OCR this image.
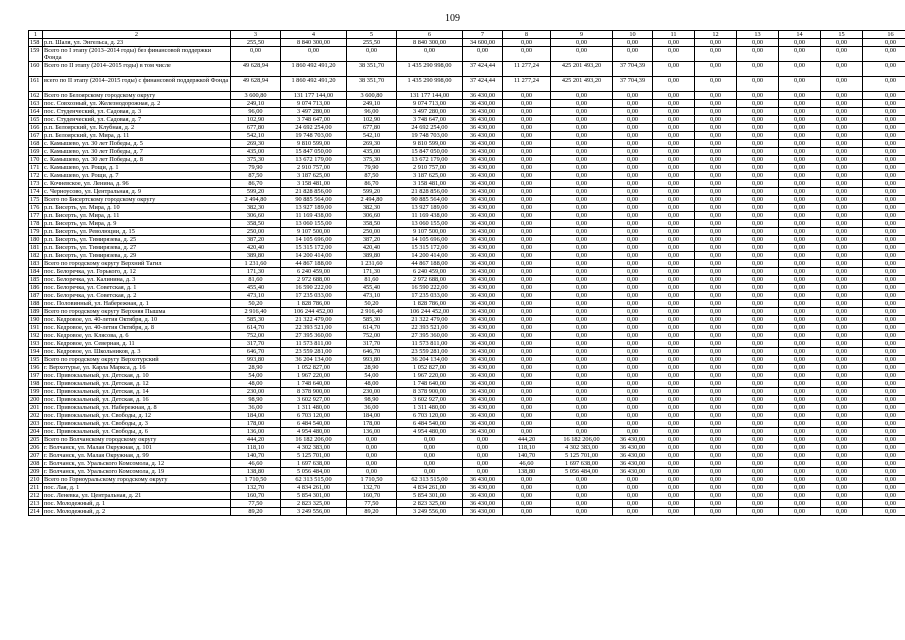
109
1	2	3	4	5	6	7	8	9	10	11	12	13	14	15	16
158	р.п. Шаля, ул. Энгельса, д. 23	255,50	8 840 300,00	255,50	8 840 300,00	34 600,00	0,00	0,00	0,00	0,00	0,00	0,00	0,00	0,00	0,00
159	Всего по I этапу (2013–2014 годы) без финансовой поддержки Фонда	0,00	0,00	0,00	0,00	0,00	0,00	0,00	0,00	0,00	0,00	0,00	0,00	0,00	0,00
160	Всего по II этапу (2014–2015 годы) в том числе	49 628,94	1 860 492 491,20	38 351,70	1 435 290 998,00	37 424,44	11 277,24	425 201 493,20	37 704,39	0,00	0,00	0,00	0,00	0,00	0,00
161	всего по II этапу (2014–2015 годы) с финансовой поддержкой Фонда	49 628,94	1 860 492 491,20	38 351,70	1 435 290 998,00	37 424,44	11 277,24	425 201 493,20	37 704,39	0,00	0,00	0,00	0,00	0,00	0,00
162	Всего по Белоярскому городскому округу	3 600,80	131 177 144,00	3 600,80	131 177 144,00	36 430,00	0,00	0,00	0,00	0,00	0,00	0,00	0,00	0,00	0,00
163	пос. Совхозный, ул. Железнодорожная, д. 2	249,10	9 074 713,00	249,10	9 074 713,00	36 430,00	0,00	0,00	0,00	0,00	0,00	0,00	0,00	0,00	0,00
164	пос. Студенческий, ул. Садовая, д. 3	96,00	3 497 280,00	96,00	3 497 280,00	36 430,00	0,00	0,00	0,00	0,00	0,00	0,00	0,00	0,00	0,00
165	пос. Студенческий, ул. Садовая, д. 7	102,90	3 748 647,00	102,90	3 748 647,00	36 430,00	0,00	0,00	0,00	0,00	0,00	0,00	0,00	0,00	0,00
166	р.п. Белоярский, ул. Клубная, д. 2	677,80	24 692 254,00	677,80	24 692 254,00	36 430,00	0,00	0,00	0,00	0,00	0,00	0,00	0,00	0,00	0,00
167	р.п. Белоярский, ул. Мира, д. 11	542,10	19 748 703,00	542,10	19 748 703,00	36 430,00	0,00	0,00	0,00	0,00	0,00	0,00	0,00	0,00	0,00
168	с. Камышево, ул. 30 лет Победы, д. 5	269,30	9 810 599,00	269,30	9 810 599,00	36 430,00	0,00	0,00	0,00	0,00	0,00	0,00	0,00	0,00	0,00
169	с. Камышево, ул. 30 лет Победы, д. 7	435,00	15 847 050,00	435,00	15 847 050,00	36 430,00	0,00	0,00	0,00	0,00	0,00	0,00	0,00	0,00	0,00
170	с. Камышево, ул. 30 лет Победы, д. 8	375,30	13 672 179,00	375,30	13 672 179,00	36 430,00	0,00	0,00	0,00	0,00	0,00	0,00	0,00	0,00	0,00
171	с. Камышево, ул. Рощи, д. 1	79,90	2 910 757,00	79,90	2 910 757,00	36 430,00	0,00	0,00	0,00	0,00	0,00	0,00	0,00	0,00	0,00
172	с. Камышево, ул. Рощи, д. 7	87,50	3 187 625,00	87,50	3 187 625,00	36 430,00	0,00	0,00	0,00	0,00	0,00	0,00	0,00	0,00	0,00
173	с. Кочневское, ул. Ленина, д. 96	86,70	3 158 481,00	86,70	3 158 481,00	36 430,00	0,00	0,00	0,00	0,00	0,00	0,00	0,00	0,00	0,00
174	с. Черноусово, ул. Центральная, д. 9	599,20	21 828 856,00	599,20	21 828 856,00	36 430,00	0,00	0,00	0,00	0,00	0,00	0,00	0,00	0,00	0,00
175	Всего по Бисертскому городскому округу	2 494,80	90 885 564,00	2 494,80	90 885 564,00	36 430,00	0,00	0,00	0,00	0,00	0,00	0,00	0,00	0,00	0,00
176	р.п. Бисерть, ул. Мира, д. 10	382,30	13 927 189,00	382,30	13 927 189,00	36 430,00	0,00	0,00	0,00	0,00	0,00	0,00	0,00	0,00	0,00
177	р.п. Бисерть, ул. Мира, д. 11	306,60	11 169 438,00	306,60	11 169 438,00	36 430,00	0,00	0,00	0,00	0,00	0,00	0,00	0,00	0,00	0,00
178	р.п. Бисерть, ул. Мира, д. 9	358,50	13 060 155,00	358,50	13 060 155,00	36 430,00	0,00	0,00	0,00	0,00	0,00	0,00	0,00	0,00	0,00
179	р.п. Бисерть, ул. Революции, д. 15	250,00	9 107 500,00	250,00	9 107 500,00	36 430,00	0,00	0,00	0,00	0,00	0,00	0,00	0,00	0,00	0,00
180	р.п. Бисерть, ул. Тимирязева, д. 25	387,20	14 105 696,00	387,20	14 105 696,00	36 430,00	0,00	0,00	0,00	0,00	0,00	0,00	0,00	0,00	0,00
181	р.п. Бисерть, ул. Тимирязева, д. 27	420,40	15 315 172,00	420,40	15 315 172,00	36 430,00	0,00	0,00	0,00	0,00	0,00	0,00	0,00	0,00	0,00
182	р.п. Бисерть, ул. Тимирязева, д. 29	389,80	14 200 414,00	389,80	14 200 414,00	36 430,00	0,00	0,00	0,00	0,00	0,00	0,00	0,00	0,00	0,00
183	Всего по городскому округу Верхний Тагил	1 231,60	44 867 188,00	1 231,60	44 867 188,00	36 430,00	0,00	0,00	0,00	0,00	0,00	0,00	0,00	0,00	0,00
184	пос. Белоречка, ул. Горького, д. 12	171,30	6 240 459,00	171,30	6 240 459,00	36 430,00	0,00	0,00	0,00	0,00	0,00	0,00	0,00	0,00	0,00
185	пос. Белоречка, ул. Калинина, д. 3	81,60	2 972 688,00	81,60	2 972 688,00	36 430,00	0,00	0,00	0,00	0,00	0,00	0,00	0,00	0,00	0,00
186	пос. Белоречка, ул. Советская, д. 1	455,40	16 590 222,00	455,40	16 590 222,00	36 430,00	0,00	0,00	0,00	0,00	0,00	0,00	0,00	0,00	0,00
187	пос. Белоречка, ул. Советская, д. 2	473,10	17 235 033,00	473,10	17 235 033,00	36 430,00	0,00	0,00	0,00	0,00	0,00	0,00	0,00	0,00	0,00
188	пос. Половинный, ул. Набережная, д. 1	50,20	1 828 786,00	50,20	1 828 786,00	36 430,00	0,00	0,00	0,00	0,00	0,00	0,00	0,00	0,00	0,00
189	Всего по городскому округу Верхняя Пышма	2 916,40	106 244 452,00	2 916,40	106 244 452,00	36 430,00	0,00	0,00	0,00	0,00	0,00	0,00	0,00	0,00	0,00
190	пос. Кедровое, ул. 40-летия Октября, д. 10	585,30	21 322 479,00	585,30	21 322 479,00	36 430,00	0,00	0,00	0,00	0,00	0,00	0,00	0,00	0,00	0,00
191	пос. Кедровое, ул. 40-летия Октября, д. 8	614,70	22 393 521,00	614,70	22 393 521,00	36 430,00	0,00	0,00	0,00	0,00	0,00	0,00	0,00	0,00	0,00
192	пос. Кедровое, ул. Клясова, д. 6	752,00	27 395 360,00	752,00	27 395 360,00	36 430,00	0,00	0,00	0,00	0,00	0,00	0,00	0,00	0,00	0,00
193	пос. Кедровое, ул. Северная, д. 11	317,70	11 573 811,00	317,70	11 573 811,00	36 430,00	0,00	0,00	0,00	0,00	0,00	0,00	0,00	0,00	0,00
194	пос. Кедровое, ул. Школьников, д. 3	646,70	23 559 281,00	646,70	23 559 281,00	36 430,00	0,00	0,00	0,00	0,00	0,00	0,00	0,00	0,00	0,00
195	Всего по городскому округу Верхотурский	993,80	36 204 134,00	993,80	36 204 134,00	36 430,00	0,00	0,00	0,00	0,00	0,00	0,00	0,00	0,00	0,00
196	г. Верхотурье, ул. Карла Маркса, д. 16	28,90	1 052 827,00	28,90	1 052 827,00	36 430,00	0,00	0,00	0,00	0,00	0,00	0,00	0,00	0,00	0,00
197	пос. Привокзальный, ул. Детская, д. 10	54,00	1 967 220,00	54,00	1 967 220,00	36 430,00	0,00	0,00	0,00	0,00	0,00	0,00	0,00	0,00	0,00
198	пос. Привокзальный, ул. Детская, д. 12	48,00	1 748 640,00	48,00	1 748 640,00	36 430,00	0,00	0,00	0,00	0,00	0,00	0,00	0,00	0,00	0,00
199	пос. Привокзальный, ул. Детская, д. 14	230,00	8 378 900,00	230,00	8 378 900,00	36 430,00	0,00	0,00	0,00	0,00	0,00	0,00	0,00	0,00	0,00
200	пос. Привокзальный, ул. Детская, д. 16	98,90	3 602 927,00	98,90	3 602 927,00	36 430,00	0,00	0,00	0,00	0,00	0,00	0,00	0,00	0,00	0,00
201	пос. Привокзальный, ул. Набережная, д. 8	36,00	1 311 480,00	36,00	1 311 480,00	36 430,00	0,00	0,00	0,00	0,00	0,00	0,00	0,00	0,00	0,00
202	пос. Привокзальный, ул. Свободы, д. 12	184,00	6 703 120,00	184,00	6 703 120,00	36 430,00	0,00	0,00	0,00	0,00	0,00	0,00	0,00	0,00	0,00
203	пос. Привокзальный, ул. Свободы, д. 3	178,00	6 484 540,00	178,00	6 484 540,00	36 430,00	0,00	0,00	0,00	0,00	0,00	0,00	0,00	0,00	0,00
204	пос. Привокзальный, ул. Свободы, д. 6	136,00	4 954 480,00	136,00	4 954 480,00	36 430,00	0,00	0,00	0,00	0,00	0,00	0,00	0,00	0,00	0,00
205	Всего по Волчанскому городскому округу	444,20	16 182 206,00	0,00	0,00	0,00	444,20	16 182 206,00	36 430,00	0,00	0,00	0,00	0,00	0,00	0,00
206	г. Волчанск, ул. Малая Окружная, д. 101	118,10	4 302 383,00	0,00	0,00	0,00	118,10	4 302 383,00	36 430,00	0,00	0,00	0,00	0,00	0,00	0,00
207	г. Волчанск, ул. Малая Окружная, д. 99	140,70	5 125 701,00	0,00	0,00	0,00	140,70	5 125 701,00	36 430,00	0,00	0,00	0,00	0,00	0,00	0,00
208	г. Волчанск, ул. Уральского Комсомола, д. 12	46,60	1 697 638,00	0,00	0,00	0,00	46,60	1 697 638,00	36 430,00	0,00	0,00	0,00	0,00	0,00	0,00
209	г. Волчанск, ул. Уральского Комсомола, д. 19	138,80	5 056 484,00	0,00	0,00	0,00	138,80	5 056 484,00	36 430,00	0,00	0,00	0,00	0,00	0,00	0,00
210	Всего по Горноуральскому городскому округу	1 710,50	62 313 515,00	1 710,50	62 313 515,00	36 430,00	0,00	0,00	0,00	0,00	0,00	0,00	0,00	0,00	0,00
211	пос. Лая, д. 1	132,70	4 834 261,00	132,70	4 834 261,00	36 430,00	0,00	0,00	0,00	0,00	0,00	0,00	0,00	0,00	0,00
212	пос. Леневка, ул. Центральная, д. 21	160,70	5 854 301,00	160,70	5 854 301,00	36 430,00	0,00	0,00	0,00	0,00	0,00	0,00	0,00	0,00	0,00
213	пос. Молодежный, д. 1	77,50	2 823 325,00	77,50	2 823 325,00	36 430,00	0,00	0,00	0,00	0,00	0,00	0,00	0,00	0,00	0,00
214	пос. Молодежный, д. 2	89,20	3 249 556,00	89,20	3 249 556,00	36 430,00	0,00	0,00	0,00	0,00	0,00	0,00	0,00	0,00	0,00
